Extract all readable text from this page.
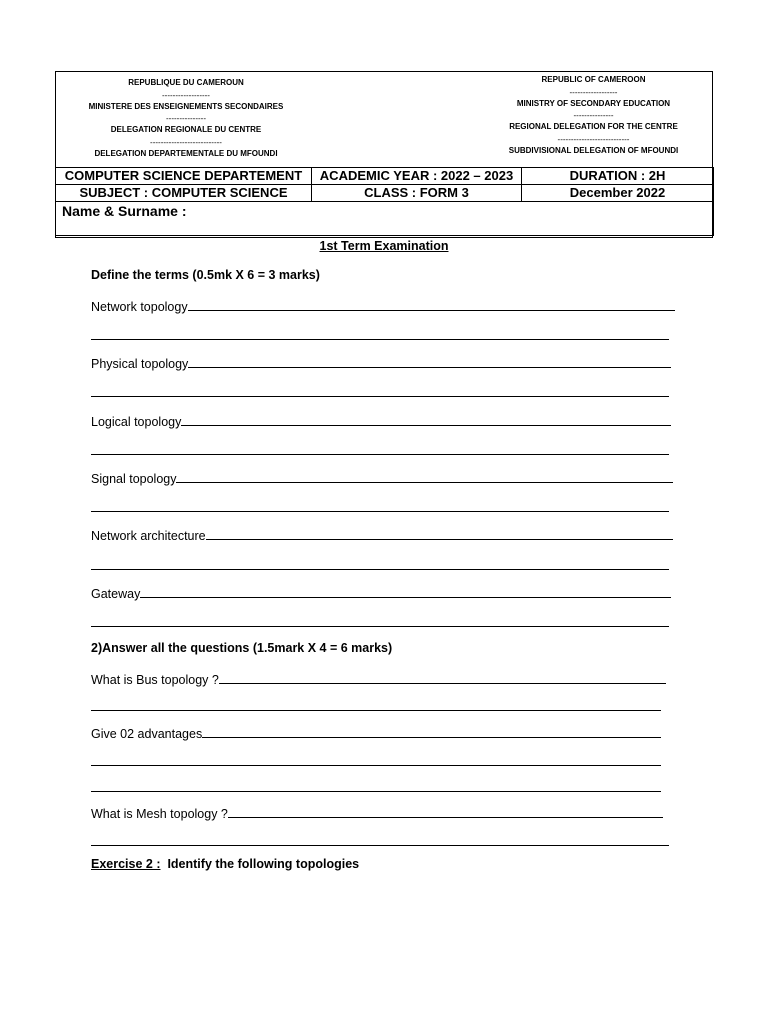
REPUBLIQUE DU CAMEROUN
------------------
MINISTERE DES ENSEIGNEMENTS SECONDAIRES
---------------
DELEGATION REGIONALE DU CENTRE
---------------------------
DELEGATION DEPARTEMENTALE DU MFOUNDI
REPUBLIC OF CAMEROON
------------------
MINISTRY OF SECONDARY EDUCATION
---------------
REGIONAL DELEGATION FOR THE CENTRE
---------------------------
SUBDIVISIONAL DELEGATION OF MFOUNDI
COMPUTER SCIENCE DEPARTEMENT	ACADEMIC YEAR : 2022 – 2023	DURATION : 2H
SUBJECT : COMPUTER SCIENCE	CLASS : FORM 3	December 2022
Name & Surname :		
1st Term Examination
Define the terms (0.5mk X 6 = 3 marks)
Network topology
Physical topology
Logical topology
Signal topology
Network architecture
Gateway
2)Answer all the questions (1.5mark X 4 = 6 marks)
What is Bus topology ?
Give 02 advantages
What is Mesh topology ?
Exercise 2 : Identify the following topologies
